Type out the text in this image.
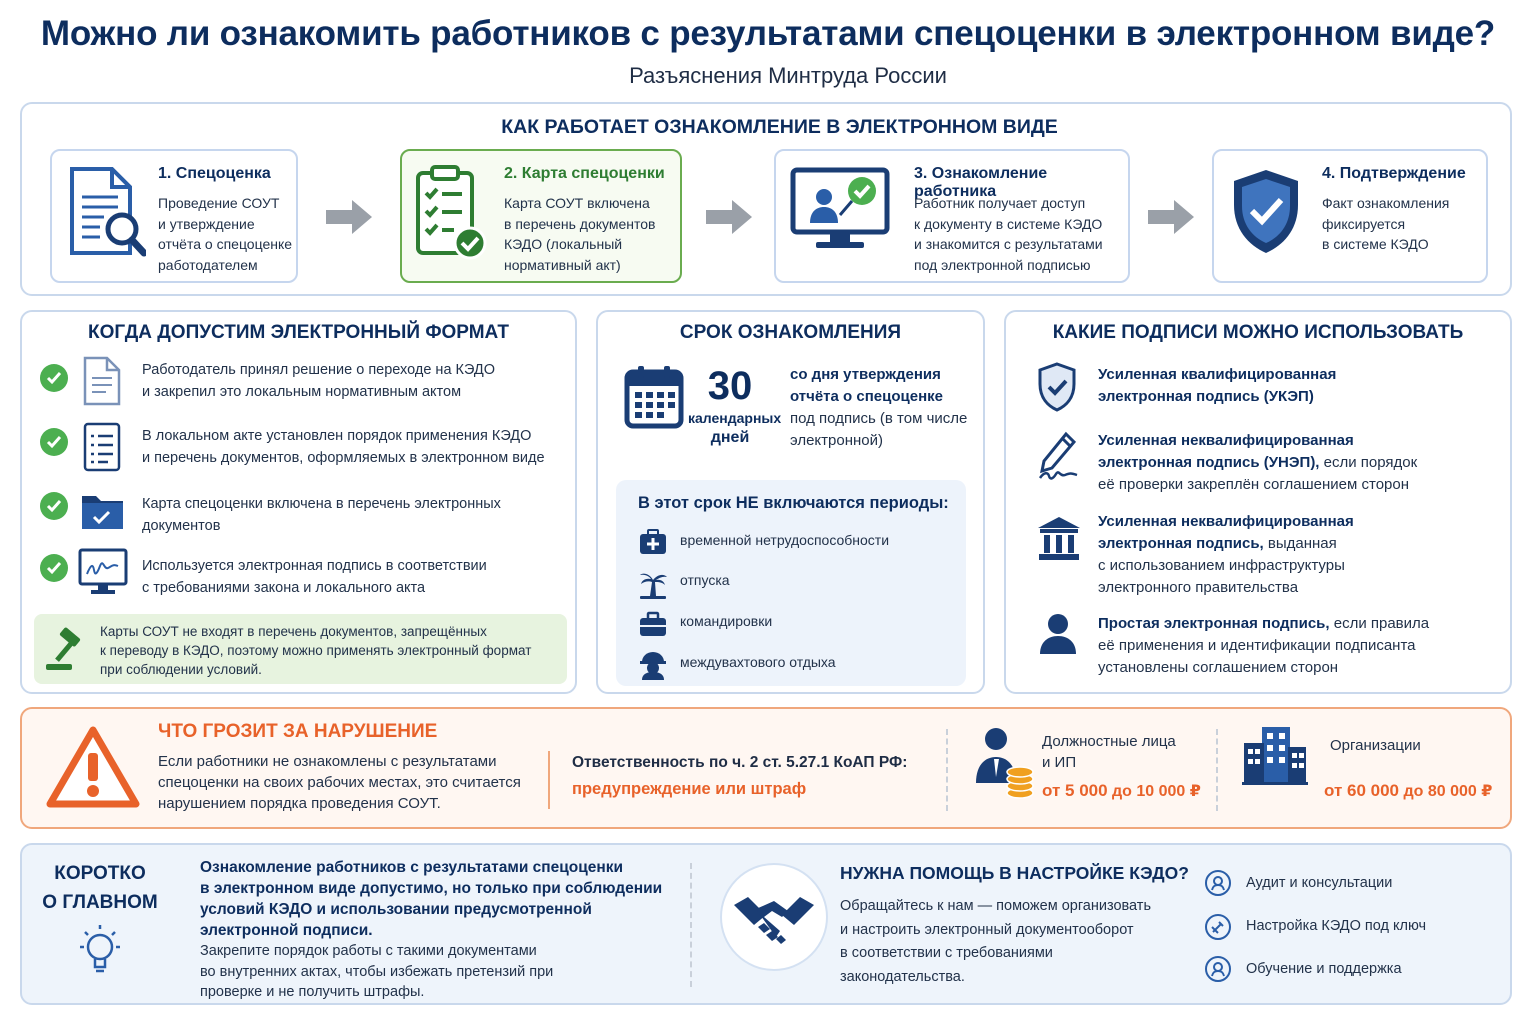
Можно ли ознакомить работников с результатами спецоценки в электронном виде?
Разъяснения Минтруда России
КАК РАБОТАЕТ ОЗНАКОМЛЕНИЕ В ЭЛЕКТРОННОМ ВИДЕ
1. Спецоценка
Проведение СОУТ
и утверждение
отчёта о спецоценке
работодателем
2. Карта спецоценки
Карта СОУТ включена
в перечень документов
КЭДО (локальный
нормативный акт)
3. Ознакомление работника
Работник получает доступ
к документу в системе КЭДО
и знакомится с результатами
под электронной подписью
4. Подтверждение
Факт ознакомления
фиксируется
в системе КЭДО
КОГДА ДОПУСТИМ ЭЛЕКТРОННЫЙ ФОРМАТ
Работодатель принял решение о переходе на КЭДО
и закрепил это локальным нормативным актом
В локальном акте установлен порядок применения КЭДО
и перечень документов, оформляемых в электронном виде
Карта спецоценки включена в перечень электронных
документов
Используется электронная подпись в соответствии
с требованиями закона и локального акта
Карты СОУТ не входят в перечень документов, запрещённых
к переводу в КЭДО, поэтому можно применять электронный формат
при соблюдении условий.
СРОК ОЗНАКОМЛЕНИЯ
30
календарных
дней
со дня утверждения
отчёта о спецоценке
под подпись (в том числе
электронной)
В этот срок НЕ включаются периоды:
временной нетрудоспособности
отпуска
командировки
междувахтового отдыха
КАКИЕ ПОДПИСИ МОЖНО ИСПОЛЬЗОВАТЬ
Усиленная квалифицированная
электронная подпись (УКЭП)
Усиленная неквалифицированная
электронная подпись (УНЭП), если порядок
её проверки закреплён соглашением сторон
Усиленная неквалифицированная
электронная подпись, выданная
с использованием инфраструктуры
электронного правительства
Простая электронная подпись, если правила
её применения и идентификации подписанта
установлены соглашением сторон
ЧТО ГРОЗИТ ЗА НАРУШЕНИЕ
Если работники не ознакомлены с результатами
спецоценки на своих рабочих местах, это считается
нарушением порядка проведения СОУТ.
Ответственность по ч. 2 ст. 5.27.1 КоАП РФ:
предупреждение или штраф
Должностные лица
и ИП
от 5 000 до 10 000 ₽
Организации
от 60 000 до 80 000 ₽
КОРОТКО
О ГЛАВНОМ
Ознакомление работников с результатами спецоценки
в электронном виде допустимо, но только при соблюдении
условий КЭДО и использовании предусмотренной
электронной подписи.
Закрепите порядок работы с такими документами
во внутренних актах, чтобы избежать претензий при
проверке и не получить штрафы.
НУЖНА ПОМОЩЬ В НАСТРОЙКЕ КЭДО?
Обращайтесь к нам — поможем организовать
и настроить электронный документооборот
в соответствии с требованиями
законодательства.
Аудит и консультации
Настройка КЭДО под ключ
Обучение и поддержка
